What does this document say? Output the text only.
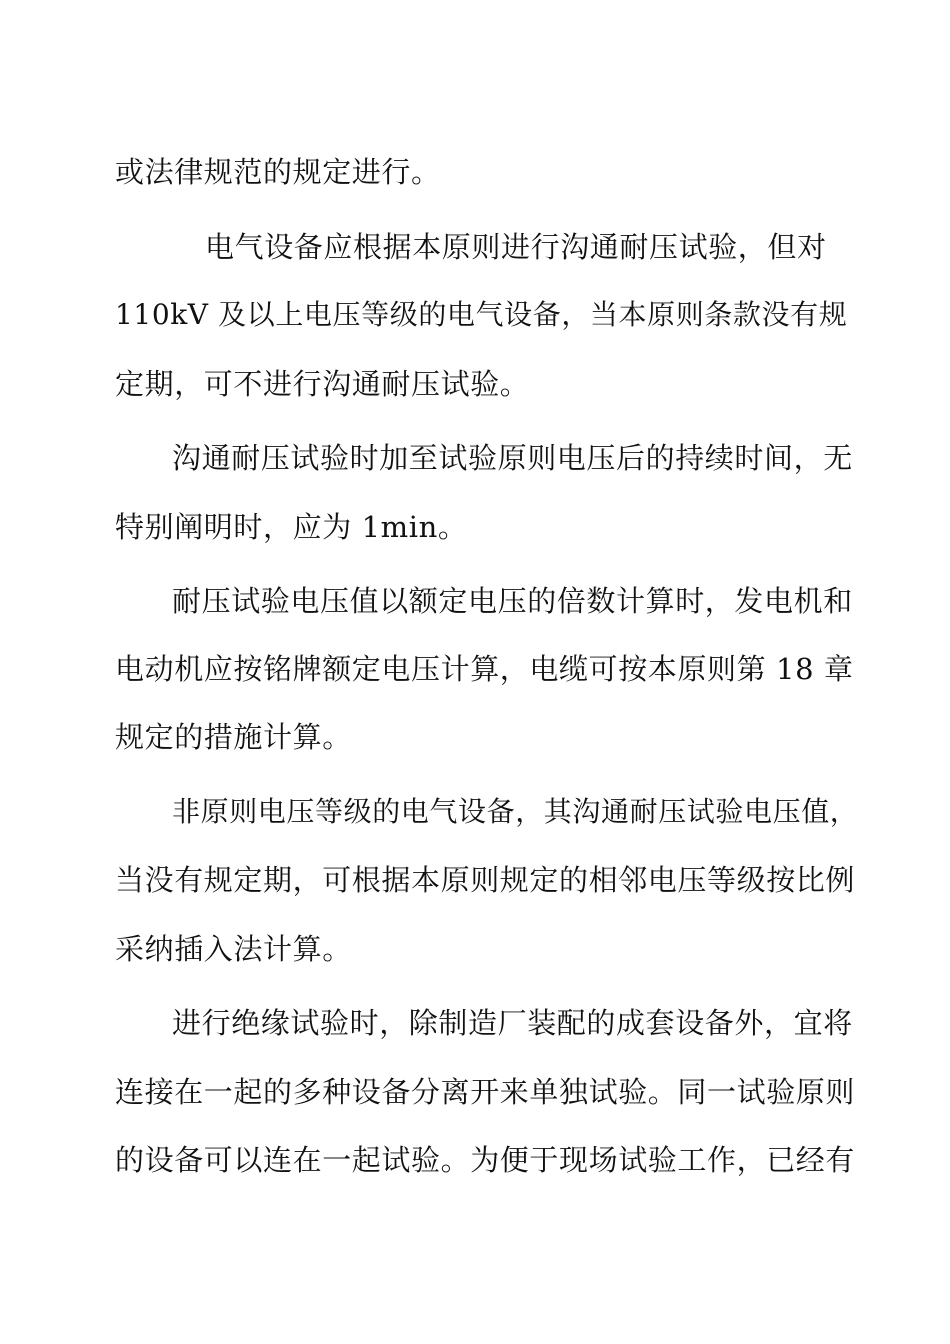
或法律规范的规定进行。
电气设备应根据本原则进行沟通耐压试验，但对
110kV 及以上电压等级的电气设备，当本原则条款没有规
定期，可不进行沟通耐压试验。
沟通耐压试验时加至试验原则电压后的持续时间，无
特别阐明时，应为 1min。
耐压试验电压值以额定电压的倍数计算时，发电机和
电动机应按铭牌额定电压计算，电缆可按本原则第 18 章
规定的措施计算。
非原则电压等级的电气设备，其沟通耐压试验电压值，
当没有规定期，可根据本原则规定的相邻电压等级按比例
采纳插入法计算。
进行绝缘试验时，除制造厂装配的成套设备外，宜将
连接在一起的多种设备分离开来单独试验。同一试验原则
的设备可以连在一起试验。为便于现场试验工作，已经有
